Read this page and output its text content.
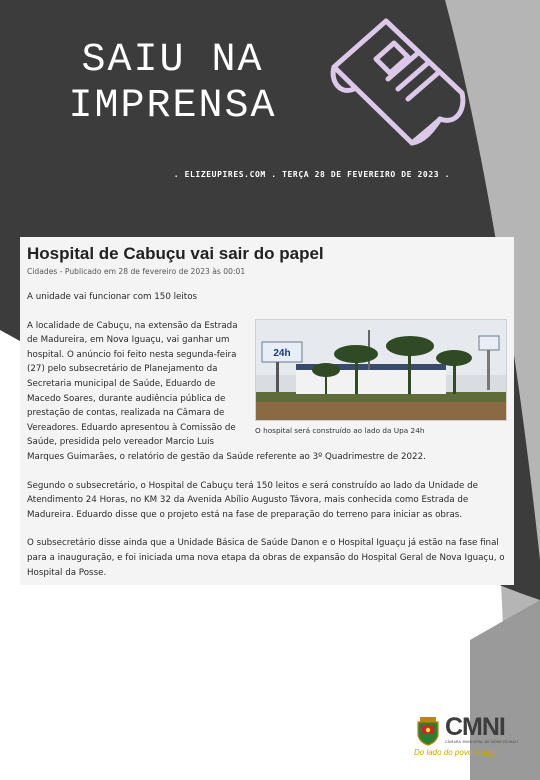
SAIU NA
IMPRENSA
. ELIZEUPIRES.COM . TERÇA 28 DE FEVEREIRO DE 2023 .
Hospital de Cabuçu vai sair do papel
Cidades - Publicado em 28 de fevereiro de 2023 às 00:01

A unidade vai funcionar com 150 leitos

24h
O hospital será construído ao lado da Upa 24h

A localidade de Cabuçu, na extensão da Estrada de Madureira, em Nova Iguaçu, vai ganhar um hospital. O anúncio foi feito nesta segunda-feira (27) pelo subsecretário de Planejamento da Secretaria municipal de Saúde, Eduardo de Macedo Soares, durante audiência pública de prestação de contas, realizada na Câmara de Vereadores. Eduardo apresentou à Comissão de Saúde, presidida pelo vereador Marcio Luis Marques Guimarães, o relatório de gestão da Saúde referente ao 3º Quadrimestre de 2022.

Segundo o subsecretário, o Hospital de Cabuçu terá 150 leitos e será construído ao lado da Unidade de Atendimento 24 Horas, no KM 32 da Avenida Abílio Augusto Távora, mais conhecida como Estrada de Madureira. Eduardo disse que o projeto está na fase de preparação do terreno para iniciar as obras.

O subsecretário disse ainda que a Unidade Básica de Saúde Danon e o Hospital Iguaçu já estão na fase final para a inauguração, e foi iniciada uma nova etapa da obras de expansão do Hospital Geral de Nova Iguaçu, o Hospital da Posse.

CMNI
CÂMARA MUNICIPAL DE NOVA IGUAÇU
Do lado do povo é aqui
